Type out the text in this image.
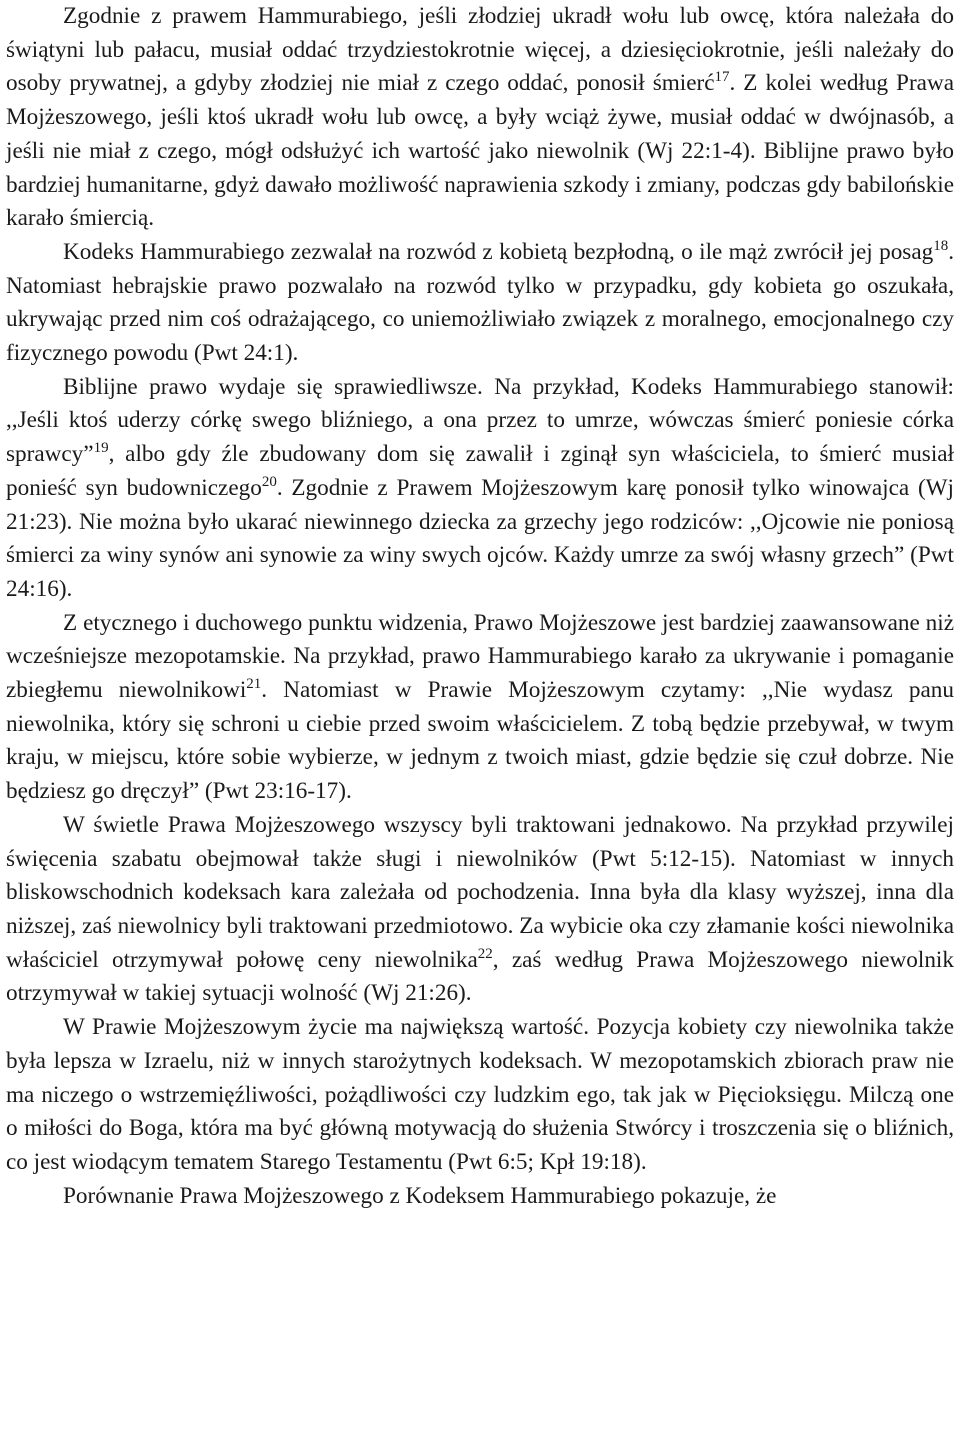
Zgodnie z prawem Hammurabiego, jeśli złodziej ukradł wołu lub owcę, która należała do świątyni lub pałacu, musiał oddać trzydziestokrotnie więcej, a dziesięciokrotnie, jeśli należały do osoby prywatnej, a gdyby złodziej nie miał z czego oddać, ponosił śmierć$^{17}$. Z kolei według Prawa Mojżeszowego, jeśli ktoś ukradł wołu lub owcę, a były wciąż żywe, musiał oddać w dwójnasób, a jeśli nie miał z czego, mógł odsłużyć ich wartość jako niewolnik (Wj 22:1-4). Biblijne prawo było bardziej humanitarne, gdyż dawało możliwość naprawienia szkody i zmiany, podczas gdy babilońskie karało śmiercią.

Kodeks Hammurabiego zezwalał na rozwód z kobietą bezpłodną, o ile mąż zwrócił jej posag$^{18}$. Natomiast hebrajskie prawo pozwalało na rozwód tylko w przypadku, gdy kobieta go oszukała, ukrywając przed nim coś odrażającego, co uniemożliwiało związek z moralnego, emocjonalnego czy fizycznego powodu (Pwt 24:1).

Biblijne prawo wydaje się sprawiedliwsze. Na przykład, Kodeks Hammurabiego stanowił: ,,Jeśli ktoś uderzy córkę swego bliźniego, a ona przez to umrze, wówczas śmierć poniesie córka sprawcy”$^{19}$, albo gdy źle zbudowany dom się zawalił i zginął syn właściciela, to śmierć musiał ponieść syn budowniczego$^{20}$. Zgodnie z Prawem Mojżeszowym karę ponosił tylko winowajca (Wj 21:23). Nie można było ukarać niewinnego dziecka za grzechy jego rodziców: ,,Ojcowie nie poniosą śmierci za winy synów ani synowie za winy swych ojców. Każdy umrze za swój własny grzech” (Pwt 24:16).

Z etycznego i duchowego punktu widzenia, Prawo Mojżeszowe jest bardziej zaawansowane niż wcześniejsze mezopotamskie. Na przykład, prawo Hammurabiego karało za ukrywanie i pomaganie zbiegłemu niewolnikowi$^{21}$. Natomiast w Prawie Mojżeszowym czytamy: ,,Nie wydasz panu niewolnika, który się schroni u ciebie przed swoim właścicielem. Z tobą będzie przebywał, w twym kraju, w miejscu, które sobie wybierze, w jednym z twoich miast, gdzie będzie się czuł dobrze. Nie będziesz go dręczył” (Pwt 23:16-17).

W świetle Prawa Mojżeszowego wszyscy byli traktowani jednakowo. Na przykład przywilej święcenia szabatu obejmował także sługi i niewolników (Pwt 5:12-15). Natomiast w innych bliskowschodnich kodeksach kara zależała od pochodzenia. Inna była dla klasy wyższej, inna dla niższej, zaś niewolnicy byli traktowani przedmiotowo. Za wybicie oka czy złamanie kości niewolnika właściciel otrzymywał połowę ceny niewolnika$^{22}$, zaś według Prawa Mojżeszowego niewolnik otrzymywał w takiej sytuacji wolność (Wj 21:26).

W Prawie Mojżeszowym życie ma największą wartość. Pozycja kobiety czy niewolnika także była lepsza w Izraelu, niż w innych starożytnych kodeksach. W mezopotamskich zbiorach praw nie ma niczego o wstrzemięźliwości, pożądliwości czy ludzkim ego, tak jak w Pięcioksięgu. Milczą one o miłości do Boga, która ma być główną motywacją do służenia Stwórcy i troszczenia się o bliźnich, co jest wiodącym tematem Starego Testamentu (Pwt 6:5; Kpł 19:18).

Porównanie Prawa Mojżeszowego z Kodeksem Hammurabiego pokazuje, że
